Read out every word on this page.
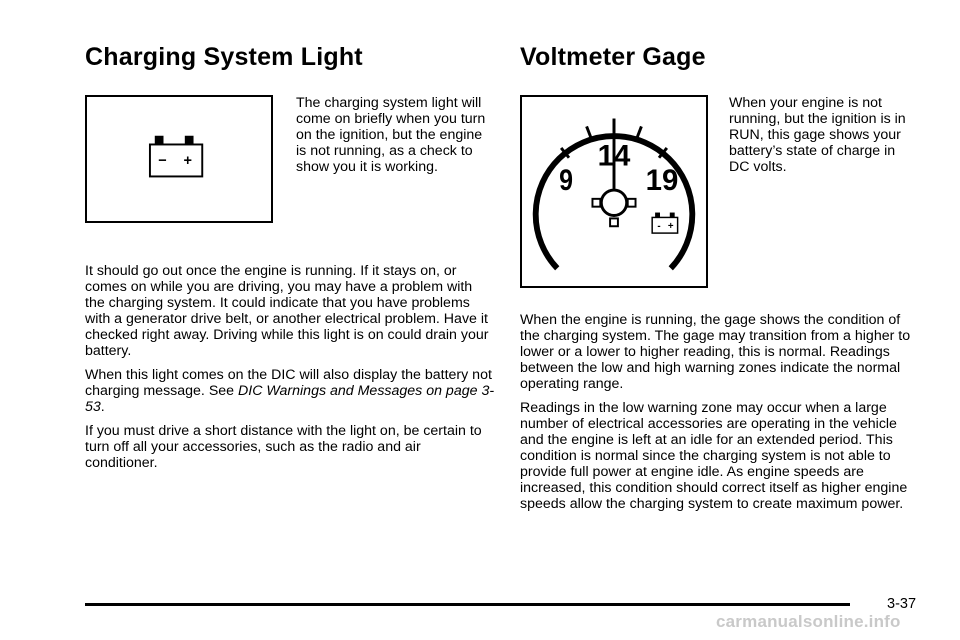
Charging System Light
− +

The charging system light will come on briefly when you turn on the ignition, but the engine is not running, as a check to show you it is working.

It should go out once the engine is running. If it stays on, or comes on while you are driving, you may have a problem with the charging system. It could indicate that you have problems with a generator drive belt, or another electrical problem. Have it checked right away. Driving while this light is on could drain your battery.

When this light comes on the DIC will also display the battery not charging message. See DIC Warnings and Messages on page 3-53.

If you must drive a short distance with the light on, be certain to turn off all your accessories, such as the radio and air conditioner.

Voltmeter Gage
9
14
19
- +

When your engine is not running, but the ignition is in RUN, this gage shows your battery’s state of charge in DC volts.

When the engine is running, the gage shows the condition of the charging system. The gage may transition from a higher to lower or a lower to higher reading, this is normal. Readings between the low and high warning zones indicate the normal operating range.

Readings in the low warning zone may occur when a large number of electrical accessories are operating in the vehicle and the engine is left at an idle for an extended period. This condition is normal since the charging system is not able to provide full power at engine idle. As engine speeds are increased, this condition should correct itself as higher engine speeds allow the charging system to create maximum power.

3-37
carmanualsonline.info
